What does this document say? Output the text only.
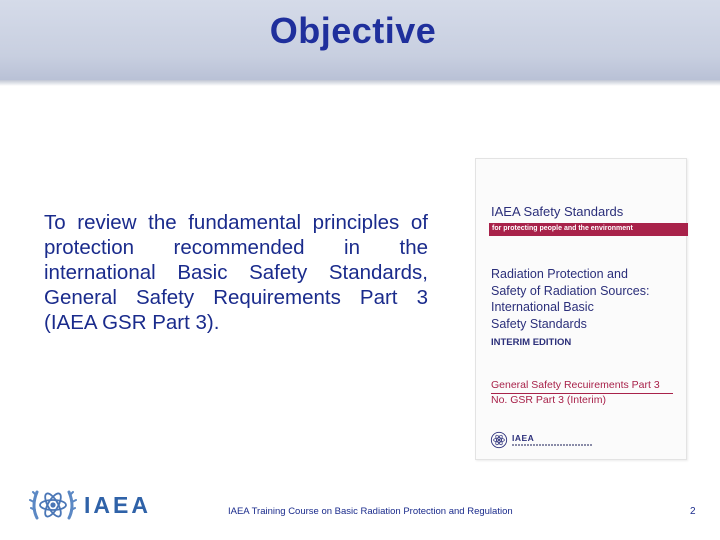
Objective

To review the fundamental principles of protection recommended in the international Basic Safety Standards, General Safety Requirements Part 3 (IAEA GSR Part 3).

IAEA Safety Standards
for protecting people and the environment
Radiation Protection and
Safety of Radiation Sources:
International Basic
Safety Standards
INTERIM EDITION
General Safety Recuirements Part 3
No. GSR Part 3 (Interim)
IAEA
IAEA	IAEA Training Course on Basic Radiation Protection and Regulation	2
